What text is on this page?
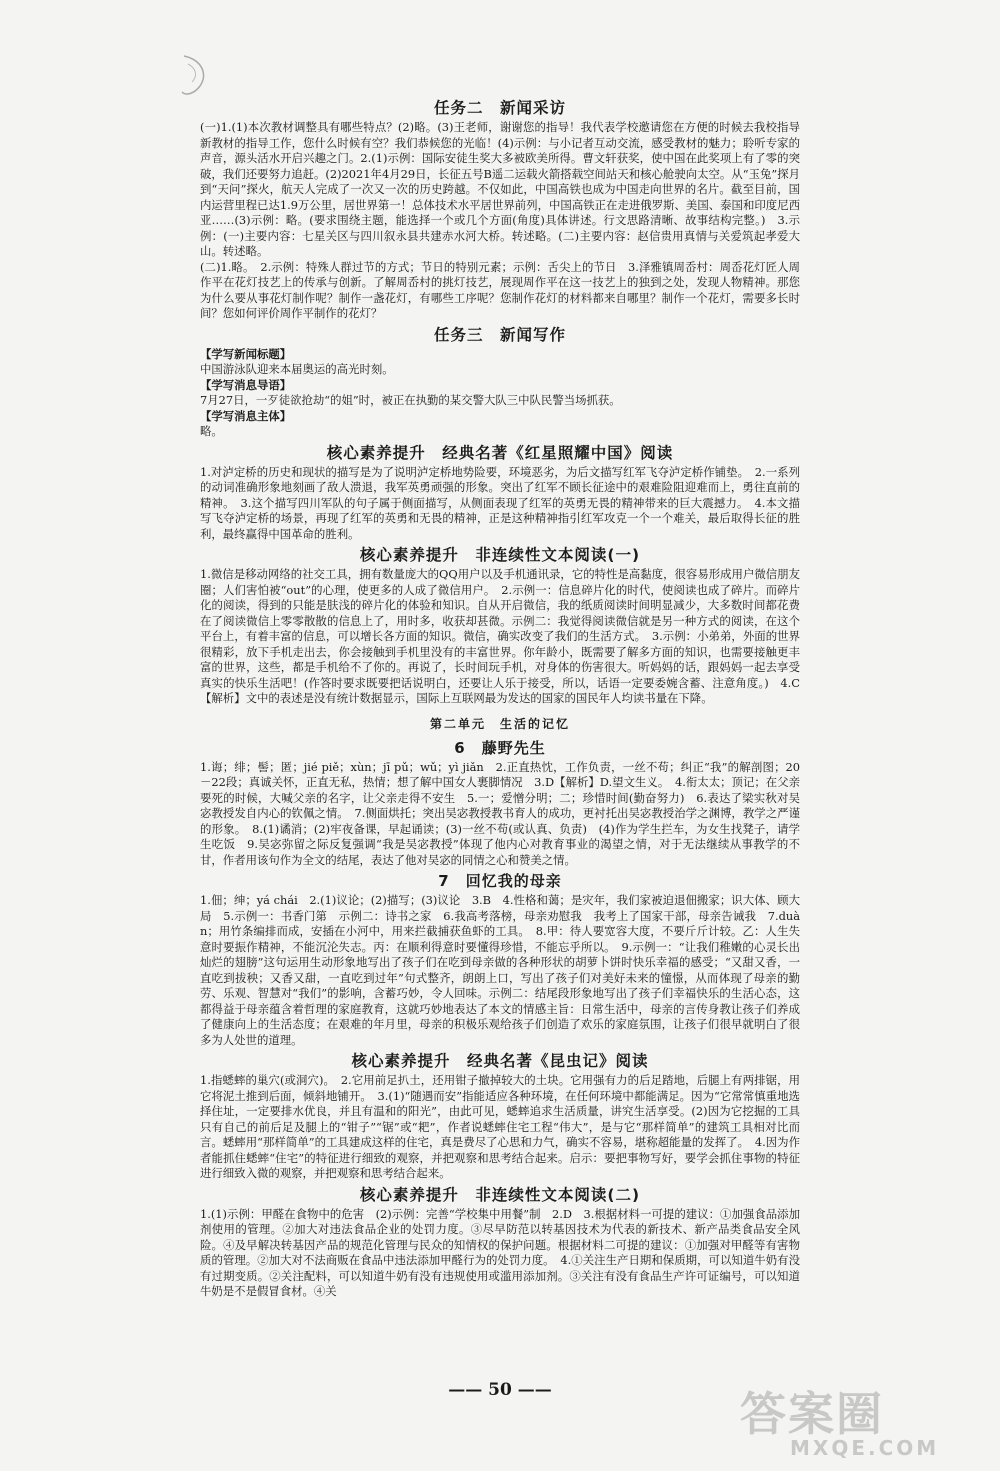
任务二　新闻采访

(一)1.(1)本次教材调整具有哪些特点？(2)略。(3)王老师，谢谢您的指导！我代表学校邀请您在方便的时候去我校指导新教材的指导工作，您什么时候有空？我们恭候您的光临！(4)示例：与小记者互动交流，感受教材的魅力；聆听专家的声音，源头活水开启兴趣之门。2.(1)示例：国际安徒生奖大多被欧美所得。曹文轩获奖，使中国在此奖项上有了零的突破，我们还要努力追赶。(2)2021年4月29日，长征五号B遥二运载火箭搭载空间站天和核心舱驶向太空。从“玉兔”探月到“天问”探火，航天人完成了一次又一次的历史跨越。不仅如此，中国高铁也成为中国走向世界的名片。截至目前，国内运营里程已达1.9万公里，居世界第一！总体技术水平居世界前列，中国高铁正在走进俄罗斯、美国、泰国和印度尼西亚……(3)示例：略。(要求围绕主题，能选择一个或几个方面(角度)具体讲述。行文思路清晰、故事结构完整。)　3.示例：(一)主要内容：七星关区与四川叙永县共建赤水河大桥。转述略。(二)主要内容：赵信贵用真情与关爱筑起孝爱大山。转述略。

(二)1.略。　2.示例：特殊人群过节的方式；节日的特别元素；示例：舌尖上的节日　3.泽雅镇周岙村：周岙花灯匠人周作平在花灯技艺上的传承与创新。了解周岙村的挑灯技艺，展现周作平在这一技艺上的独到之处，发现人物精神。那您为什么要从事花灯制作呢？制作一盏花灯，有哪些工序呢？您制作花灯的材料都来自哪里？制作一个花灯，需要多长时间？您如何评价周作平制作的花灯？

任务三　新闻写作
【学写新闻标题】

中国游泳队迎来本届奥运的高光时刻。

【学写消息导语】

7月27日，一歹徒欲抢劫“的姐”时，被正在执勤的某交警大队三中队民警当场抓获。

【学写消息主体】

略。

核心素养提升　经典名著《红星照耀中国》阅读

1.对泸定桥的历史和现状的描写是为了说明泸定桥地势险要，环境恶劣，为后文描写红军飞夺泸定桥作铺垫。　2.一系列的动词准确形象地刻画了敌人溃退，我军英勇顽强的形象。突出了红军不顾长征途中的艰难险阻迎难而上，勇往直前的精神。　3.这个描写四川军队的句子属于侧面描写，从侧面表现了红军的英勇无畏的精神带来的巨大震撼力。　4.本文描写飞夺泸定桥的场景，再现了红军的英勇和无畏的精神，正是这种精神指引红军攻克一个一个难关，最后取得长征的胜利，最终赢得中国革命的胜利。

核心素养提升　非连续性文本阅读(一)

1.微信是移动网络的社交工具，拥有数量庞大的QQ用户以及手机通讯录，它的特性是高黏度，很容易形成用户微信朋友圈；人们害怕被“out”的心理，使更多的人成了微信用户。　2.示例一：信息碎片化的时代，使阅读也成了碎片。而碎片化的阅读，得到的只能是肤浅的碎片化的体验和知识。自从开启微信，我的纸质阅读时间明显减少，大多数时间都花费在了阅读微信上零零散散的信息上了，用时多，收获却甚微。示例二：我觉得阅读微信就是另一种方式的阅读，在这个平台上，有着丰富的信息，可以增长各方面的知识。微信，确实改变了我们的生活方式。　3.示例：小弟弟，外面的世界很精彩，放下手机走出去，你会接触到手机里没有的丰富世界。你年龄小，既需要了解多方面的知识，也需要接触更丰富的世界，这些，都是手机给不了你的。再说了，长时间玩手机，对身体的伤害很大。听妈妈的话，跟妈妈一起去享受真实的快乐生活吧！(作答时要求既要把话说明白，还要让人乐于接受，所以，话语一定要委婉含蓄、注意角度。)　4.C【解析】文中的表述是没有统计数据显示，国际上互联网最为发达的国家的国民年人均读书量在下降。

第二单元　生活的记忆
6　藤野先生

1.诲；绯；髻；匿；jié piě；xùn；jī pǔ；wǔ；yì jiǎn　2.正直热忱，工作负责，一丝不苟；纠正“我”的解剖图；20－22段；真诚关怀，正直无私，热情；想了解中国女人裹脚情况　3.D【解析】D.望文生义。　4.衔太太；顶记；在父亲要死的时候，大喊父亲的名字，让父亲走得不安生　5.一；爱憎分明；二；珍惜时间(勤奋努力)　6.表达了梁实秋对吴宓教授发自内心的钦佩之情。　7.侧面烘托；突出吴宓教授教书育人的成功，更衬托出吴宓教授治学之渊博，教学之严谨的形象。　8.(1)谲消；(2)牢夜备课，早起诵读；(3)一丝不苟(或认真、负责)　(4)作为学生拦车，为女生找凳子，请学生吃饭　9.吴宓弥留之际反复强调“我是吴宓教授”体现了他内心对教育事业的渴望之情，对于无法继续从事教学的不甘，作者用该句作为全文的结尾，表达了他对吴宓的同情之心和赞美之情。

7　回忆我的母亲

1.佃；绅；yá chái　2.(1)议论；(2)描写；(3)议论　3.B　4.性格和蔼；是灾年，我们家被迫退佃搬家；识大体、顾大局　5.示例一：书香门第　示例二：诗书之家　6.我高考落榜，母亲劝慰我　我考上了国家干部，母亲告诫我　7.duàn；用竹条编排而成，安插在小河中，用来拦截捕获鱼虾的工具。　8.甲：待人要宽容大度，不要斤斤计较。乙：人生失意时要振作精神，不能沉沦失志。丙：在顺利得意时要懂得珍惜，不能忘乎所以。　9.示例一：“让我们稚嫩的心灵长出灿烂的翅膀”这句运用生动形象地写出了孩子们在吃到母亲做的各种形状的胡萝卜饼时快乐幸福的感受；“又甜又香，一直吃到拔秧；又香又甜，一直吃到过年”句式整齐，朗朗上口，写出了孩子们对美好未来的憧憬，从而体现了母亲的勤劳、乐观、智慧对“我们”的影响，含蓄巧妙，令人回味。示例二：结尾段形象地写出了孩子们幸福快乐的生活心态，这都得益于母亲蕴含着哲理的家庭教育，这就巧妙地表达了本文的情感主旨：日常生活中，母亲的言传身教让孩子们养成了健康向上的生活态度；在艰难的年月里，母亲的积极乐观给孩子们创造了欢乐的家庭氛围，让孩子们很早就明白了很多为人处世的道理。

核心素养提升　经典名著《昆虫记》阅读

1.指蟋蟀的巢穴(或洞穴)。　2.它用前足扒土，还用钳子撤掉较大的土块。它用强有力的后足踏地，后腿上有两排锯，用它将泥土推到后面，倾斜地铺开。　3.(1)“随遇而安”指能适应各种环境，在任何环境中都能满足。因为“它常常慎重地选择住址，一定要排水优良，并且有温和的阳光”，由此可见，蟋蟀追求生活质量，讲究生活享受。(2)因为它挖掘的工具只有自己的前后足及腿上的“钳子”“锯”或“耙”，作者说蟋蟀住宅工程“伟大”，是与它“那样简单”的建筑工具相对比而言。蟋蟀用“那样简单”的工具建成这样的住宅，真是费尽了心思和力气，确实不容易，堪称超能量的发挥了。　4.因为作者能抓住蟋蟀“住宅”的特征进行细致的观察，并把观察和思考结合起来。启示：要把事物写好，要学会抓住事物的特征进行细致入微的观察，并把观察和思考结合起来。

核心素养提升　非连续性文本阅读(二)

1.(1)示例：甲醛在食物中的危害　(2)示例：完善“学校集中用餐”制　2.D　3.根据材料一可提的建议：①加强食品添加剂使用的管理。②加大对违法食品企业的处罚力度。③尽早防范以转基因技术为代表的新技术、新产品类食品安全风险。④及早解决转基因产品的规范化管理与民众的知情权的保护问题。根据材料二可提的建议：①加强对甲醛等有害物质的管理。②加大对不法商贩在食品中违法添加甲醛行为的处罚力度。　4.①关注生产日期和保质期，可以知道牛奶有没有过期变质。②关注配料，可以知道牛奶有没有违规使用或滥用添加剂。③关注有没有食品生产许可证编号，可以知道牛奶是不是假冒食材。④关

—— 50 ——	答案圈
MXQE.COM
